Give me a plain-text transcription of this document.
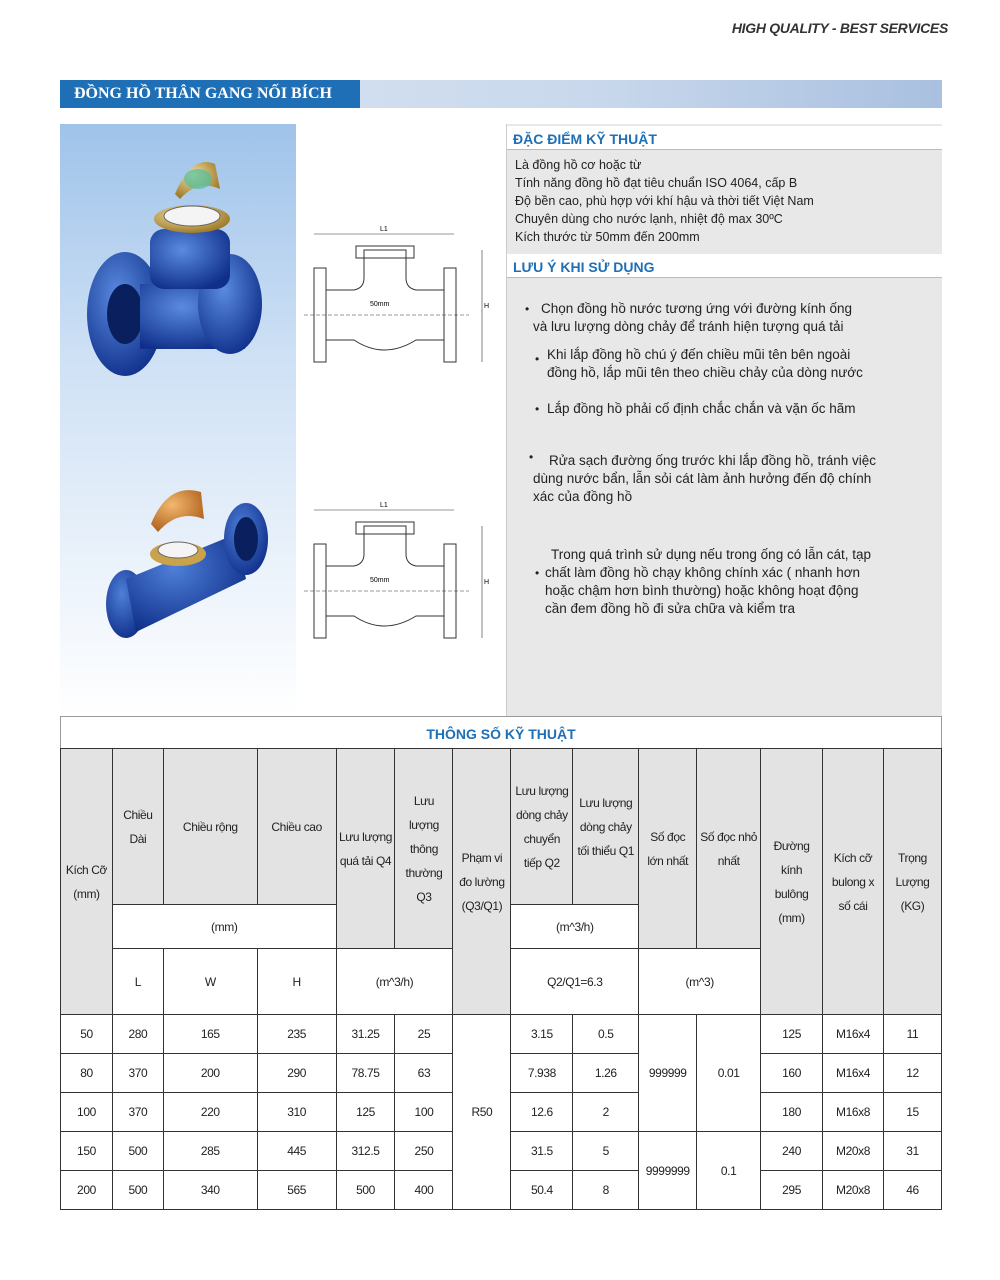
HIGH QUALITY - BEST SERVICES
ĐỒNG HỒ THÂN GANG NỐI BÍCH
L1
50mm	H
L1
50mm	H
ĐẶC ĐIỂM KỸ THUẬT
Là đồng hồ cơ hoặc từ
Tính năng đồng hồ đạt tiêu chuẩn ISO 4064, cấp B
Độ bền cao, phù hợp với khí hậu và thời tiết Việt Nam
Chuyên dùng cho nước lạnh, nhiệt độ max 30ºC
Kích thước từ 50mm đến 200mm
LƯU Ý KHI SỬ DỤNG
• Chọn đồng hồ nước tương ứng với đường kính ống
và lưu lượng dòng chảy để tránh hiện tượng quá tải
• Khi lắp đồng hồ chú ý đến chiều mũi tên bên ngoài
đồng hồ, lắp mũi tên theo chiều chảy của dòng nước
• Lắp đồng hồ phải cố định chắc chắn và vặn ốc hãm
•	Rửa sạch đường ống trước khi lắp đồng hồ, tránh việc
dùng nước bẩn, lẫn sỏi cát làm ảnh hưởng đến độ chính
xác của đồng hồ
•
Trong quá trình sử dụng nếu trong ống có lẫn cát, tạp
chất làm đồng hồ chạy không chính xác ( nhanh hơn
hoặc chậm hơn bình thường) hoặc không hoạt động
cần đem đồng hồ đi sửa chữa và kiểm tra
THÔNG SỐ KỸ THUẬT
Kích Cỡ (mm)	Chiều Dài	Chiều rộng	Chiều cao	Lưu lượng quá tải Q4	Lưu lượng thông thường Q3	Phạm vi đo lường (Q3/Q1)	Lưu lượng dòng chảy chuyển tiếp Q2	Lưu lượng dòng chảy tối thiểu Q1	Số đọc lớn nhất	Số đọc nhỏ nhất	Đường kính bulông (mm)	Kích cỡ bulong x số cái	Trọng Lượng (KG)
	(mm)						(m^3/h)						
	L	W	H	(m^3/h)			Q2/Q1=6.3		(m^3)				
50	280	165	235	31.25	25	R50	3.15	0.5	999999	0.01	125	M16x4	11
80	370	200	290	78.75	63		7.938	1.26			160	M16x4	12
100	370	220	310	125	100		12.6	2			180	M16x8	15
150	500	285	445	312.5	250		31.5	5	9999999	0.1	240	M20x8	31
200	500	340	565	500	400		50.4	8			295	M20x8	46
